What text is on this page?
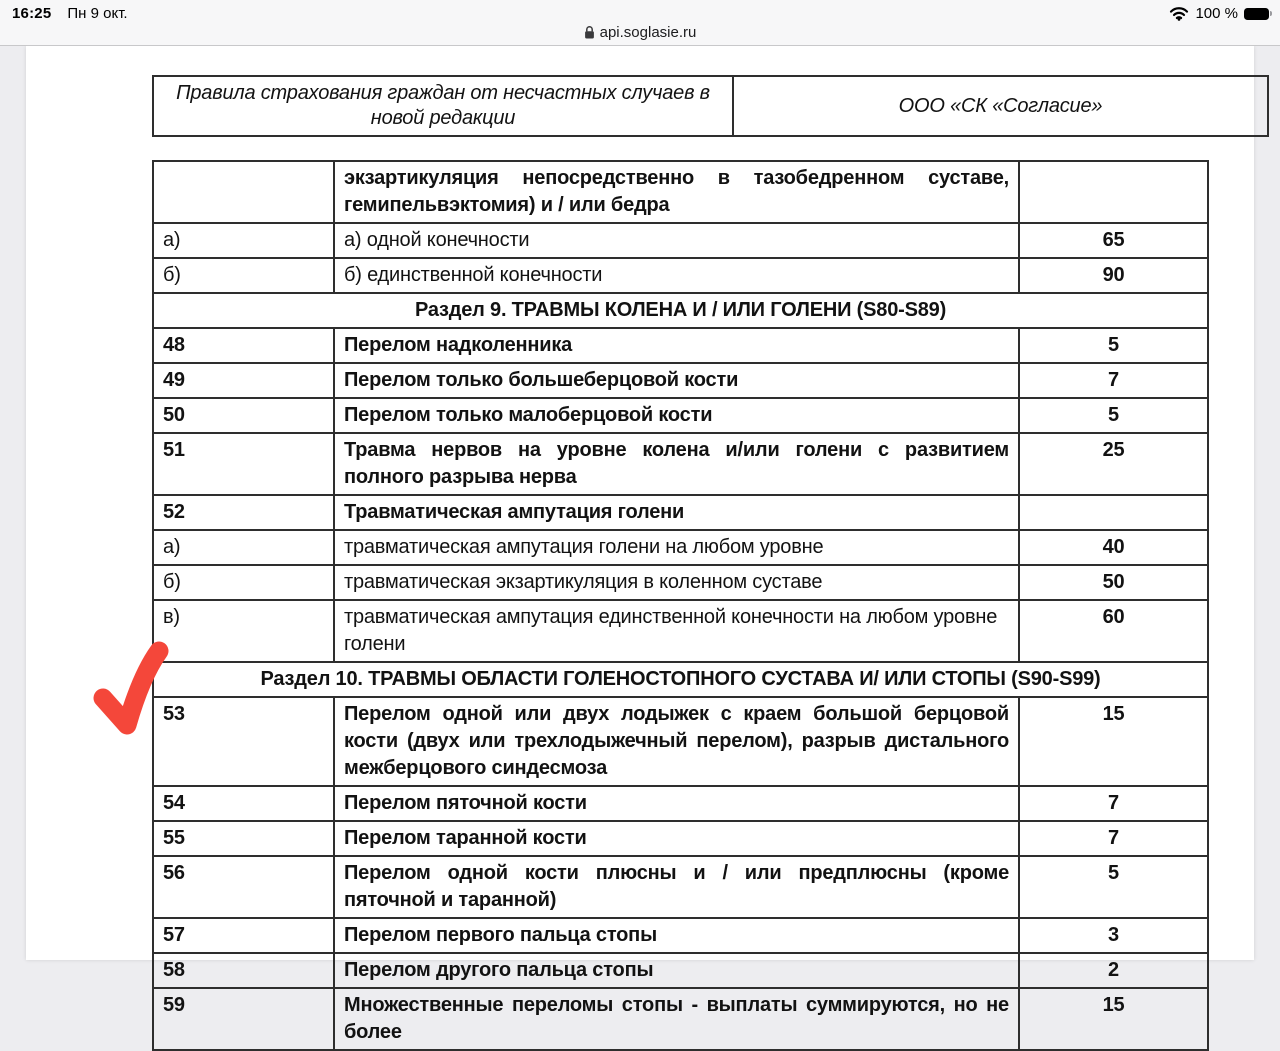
16:25 Пн 9 окт.	100 %
api.soglasie.ru
Правила страхования граждан от несчастных случаев в новой редакции	ООО «СК «Согласие»
	экзартикуляция непосредственно в тазобедренном суставе, гемипельвэктомия) и / или бедра	
а)	а) одной конечности	65
б)	б) единственной конечности	90
Раздел 9. ТРАВМЫ КОЛЕНА И / ИЛИ ГОЛЕНИ (S80-S89)		
48	Перелом надколенника	5
49	Перелом только большеберцовой кости	7
50	Перелом только малоберцовой кости	5
51	Травма нервов на уровне колена и/или голени с развитием полного разрыва нерва	25
52	Травматическая ампутация голени	
а)	травматическая ампутация голени на любом уровне	40
б)	травматическая экзартикуляция в коленном суставе	50
в)	травматическая ампутация единственной конечности на любом уровне голени	60
Раздел 10. ТРАВМЫ ОБЛАСТИ ГОЛЕНОСТОПНОГО СУСТАВА И/ ИЛИ СТОПЫ (S90-S99)		
53	Перелом одной или двух лодыжек с краем большой берцовой кости (двух или трехлодыжечный перелом), разрыв дистального межберцового синдесмоза	15
54	Перелом пяточной кости	7
55	Перелом таранной кости	7
56	Перелом одной кости плюсны и / или предплюсны (кроме пяточной и таранной)	5
57	Перелом первого пальца стопы	3
58	Перелом другого пальца стопы	2
59	Множественные переломы стопы - выплаты суммируются, но не более	15
